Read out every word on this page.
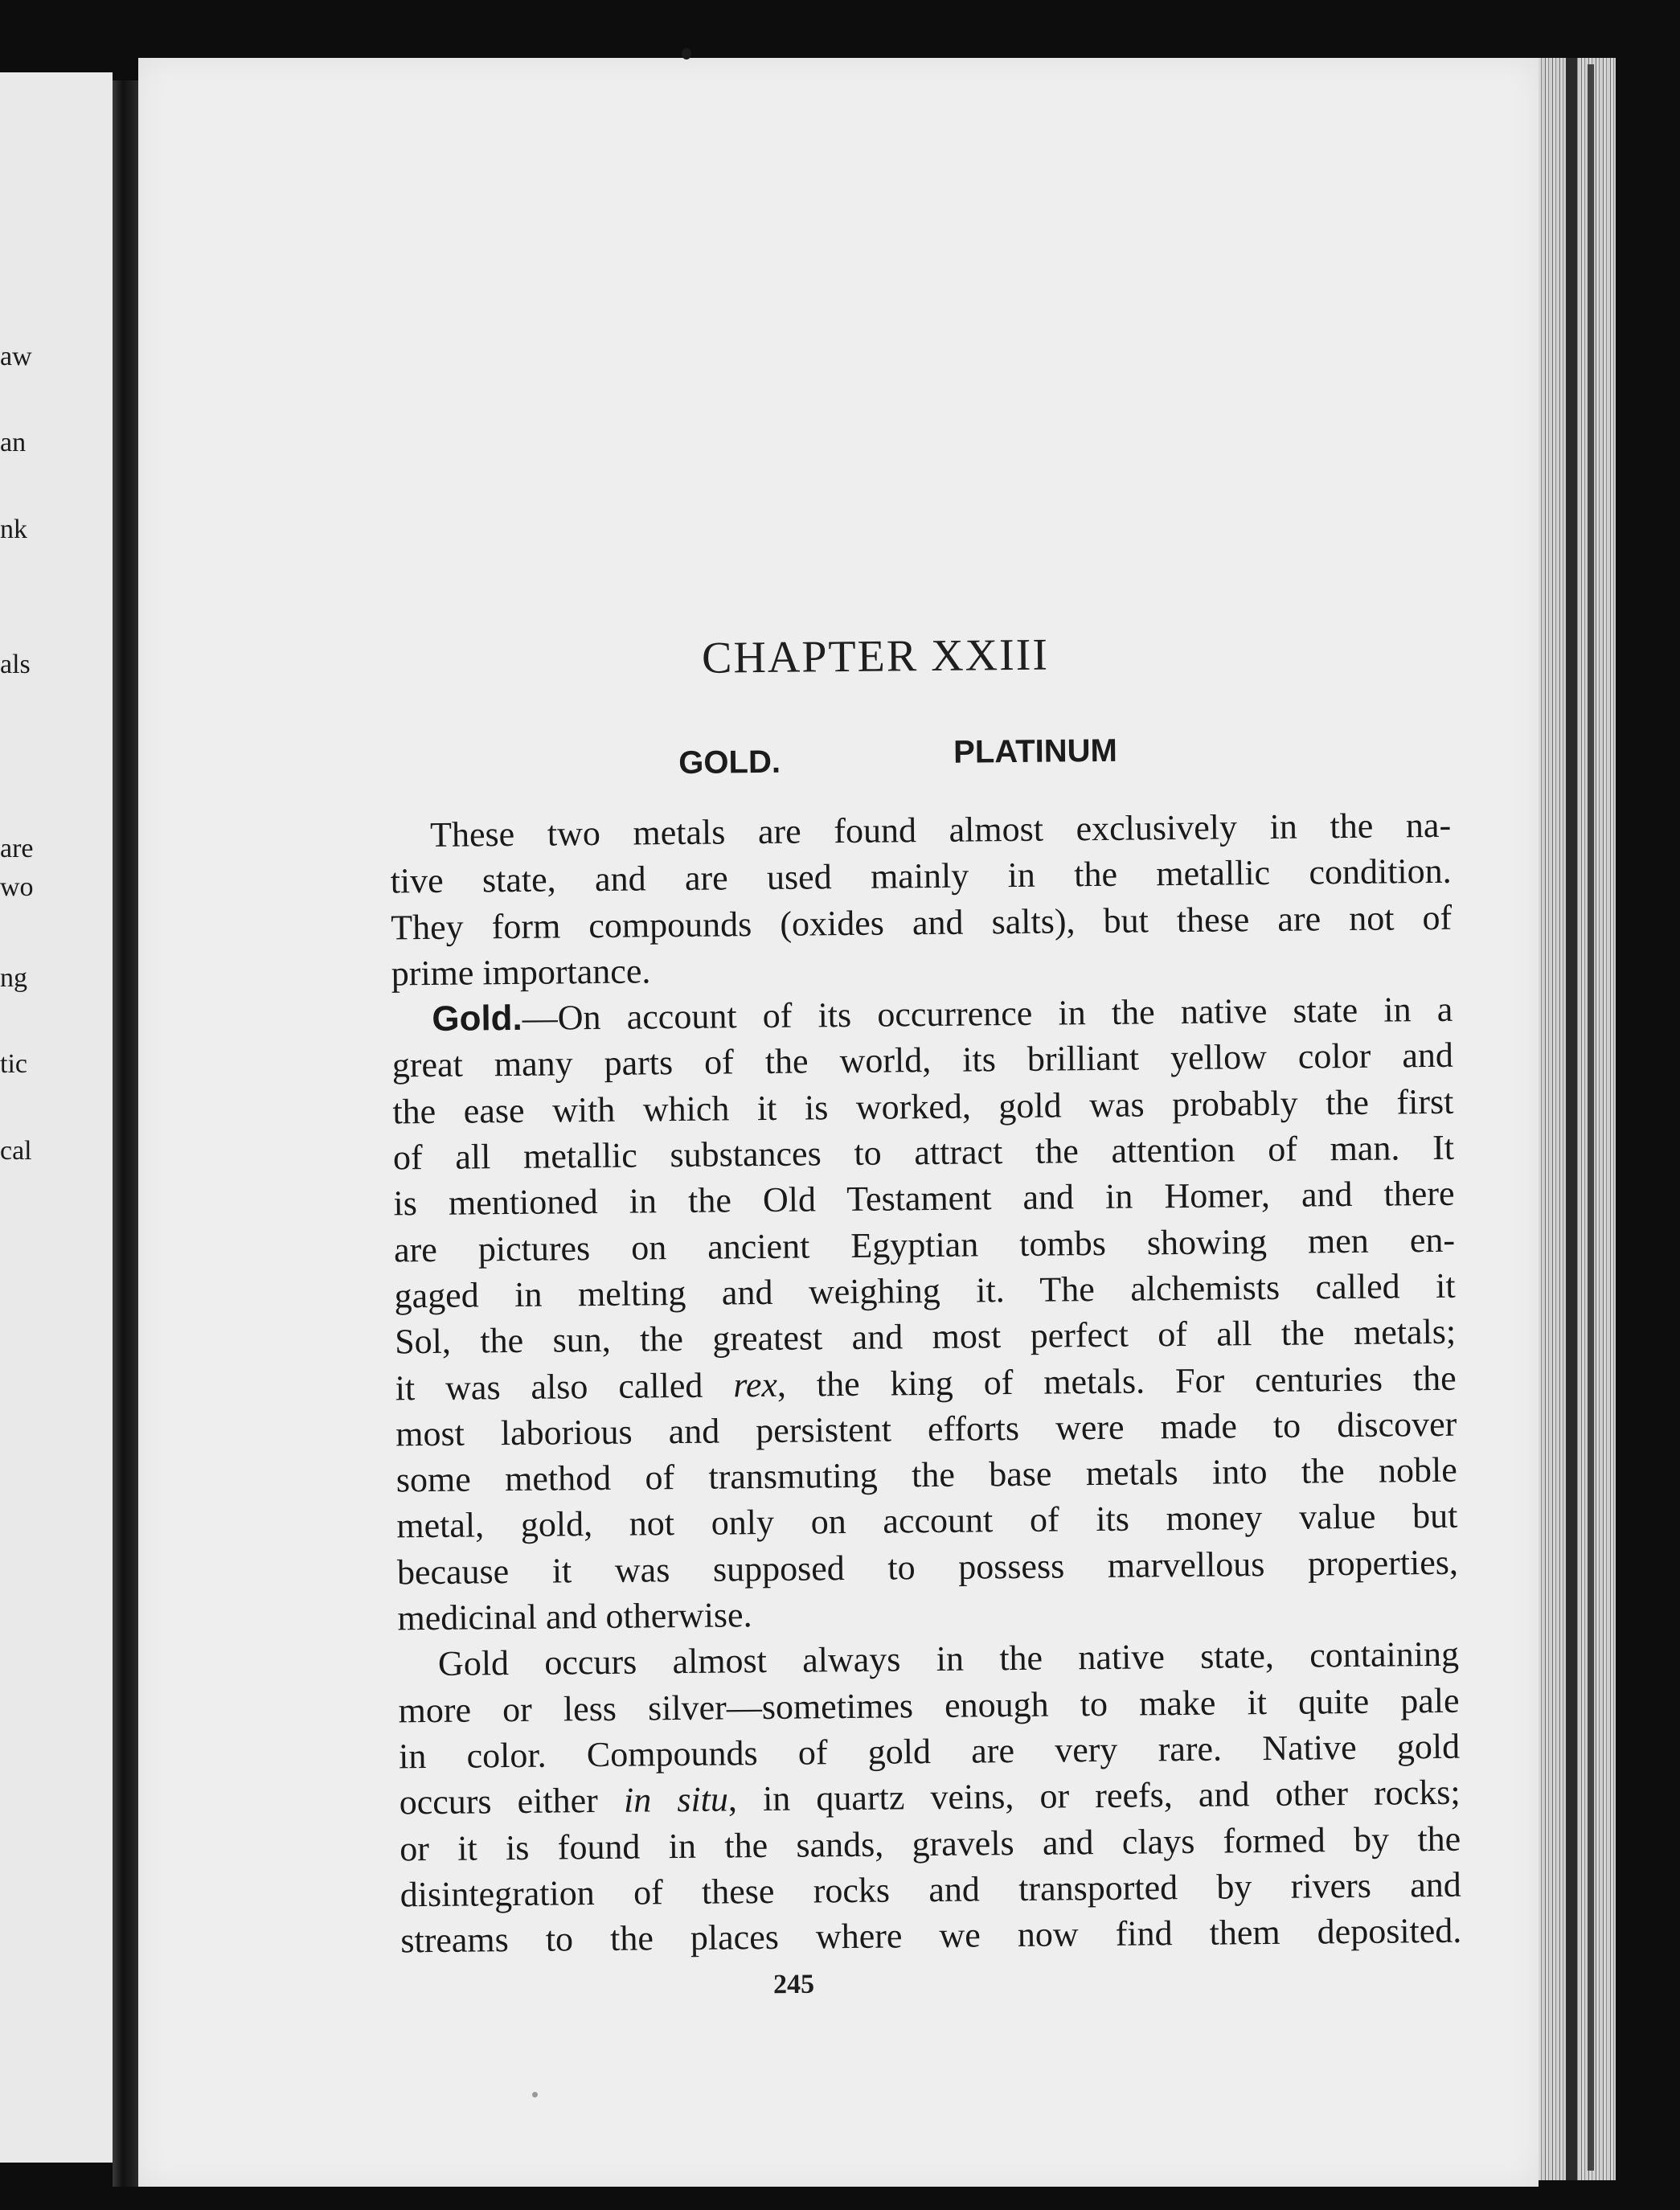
aw
an
nk
als
are
wo
ng
tic
cal
CHAPTER XXIII
GOLD.	PLATINUM
These two metals are found almost exclusively in the na-
tive state, and are used mainly in the metallic condition.
They form compounds (oxides and salts), but these are not of
prime importance.
Gold.—On account of its occurrence in the native state in a
great many parts of the world, its brilliant yellow color and
the ease with which it is worked, gold was probably the first
of all metallic substances to attract the attention of man. It
is mentioned in the Old Testament and in Homer, and there
are pictures on ancient Egyptian tombs showing men en-
gaged in melting and weighing it. The alchemists called it
Sol, the sun, the greatest and most perfect of all the metals;
it was also called rex, the king of metals. For centuries the
most laborious and persistent efforts were made to discover
some method of transmuting the base metals into the noble
metal, gold, not only on account of its money value but
because it was supposed to possess marvellous properties,
medicinal and otherwise.
Gold occurs almost always in the native state, containing
more or less silver—sometimes enough to make it quite pale
in color. Compounds of gold are very rare. Native gold
occurs either in situ, in quartz veins, or reefs, and other rocks;
or it is found in the sands, gravels and clays formed by the
disintegration of these rocks and transported by rivers and
streams to the places where we now find them deposited.
245
